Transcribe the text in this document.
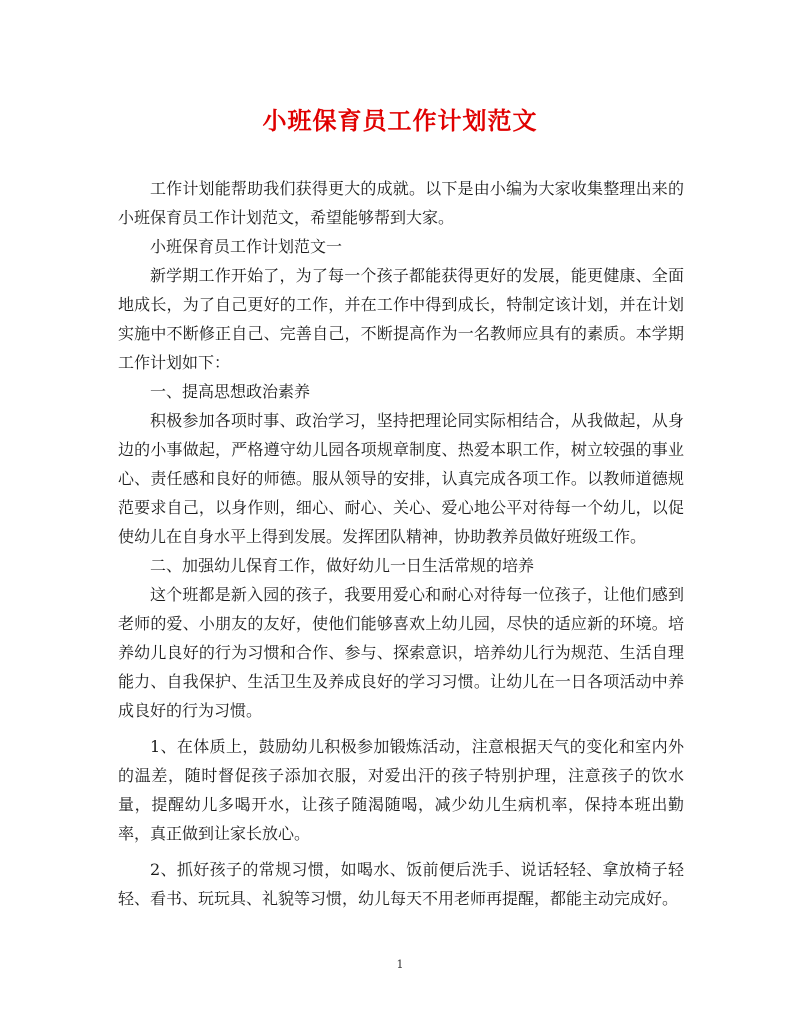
小班保育员工作计划范文

工作计划能帮助我们获得更大的成就。以下是由小编为大家收集整理出来的小班保育员工作计划范文，希望能够帮到大家。

小班保育员工作计划范文一

新学期工作开始了，为了每一个孩子都能获得更好的发展，能更健康、全面地成长，为了自己更好的工作，并在工作中得到成长，特制定该计划，并在计划实施中不断修正自己、完善自己，不断提高作为一名教师应具有的素质。本学期工作计划如下：

一、提高思想政治素养

积极参加各项时事、政治学习，坚持把理论同实际相结合，从我做起，从身边的小事做起，严格遵守幼儿园各项规章制度、热爱本职工作，树立较强的事业心、责任感和良好的师德。服从领导的安排，认真完成各项工作。以教师道德规范要求自己，以身作则，细心、耐心、关心、爱心地公平对待每一个幼儿，以促使幼儿在自身水平上得到发展。发挥团队精神，协助教养员做好班级工作。

二、加强幼儿保育工作，做好幼儿一日生活常规的培养

这个班都是新入园的孩子，我要用爱心和耐心对待每一位孩子，让他们感到老师的爱、小朋友的友好，使他们能够喜欢上幼儿园，尽快的适应新的环境。培养幼儿良好的行为习惯和合作、参与、探索意识，培养幼儿行为规范、生活自理能力、自我保护、生活卫生及养成良好的学习习惯。让幼儿在一日各项活动中养成良好的行为习惯。

1、在体质上，鼓励幼儿积极参加锻炼活动，注意根据天气的变化和室内外的温差，随时督促孩子添加衣服，对爱出汗的孩子特别护理，注意孩子的饮水量，提醒幼儿多喝开水，让孩子随渴随喝，减少幼儿生病机率，保持本班出勤率，真正做到让家长放心。

2、抓好孩子的常规习惯，如喝水、饭前便后洗手、说话轻轻、拿放椅子轻轻、看书、玩玩具、礼貌等习惯，幼儿每天不用老师再提醒，都能主动完成好。

1
